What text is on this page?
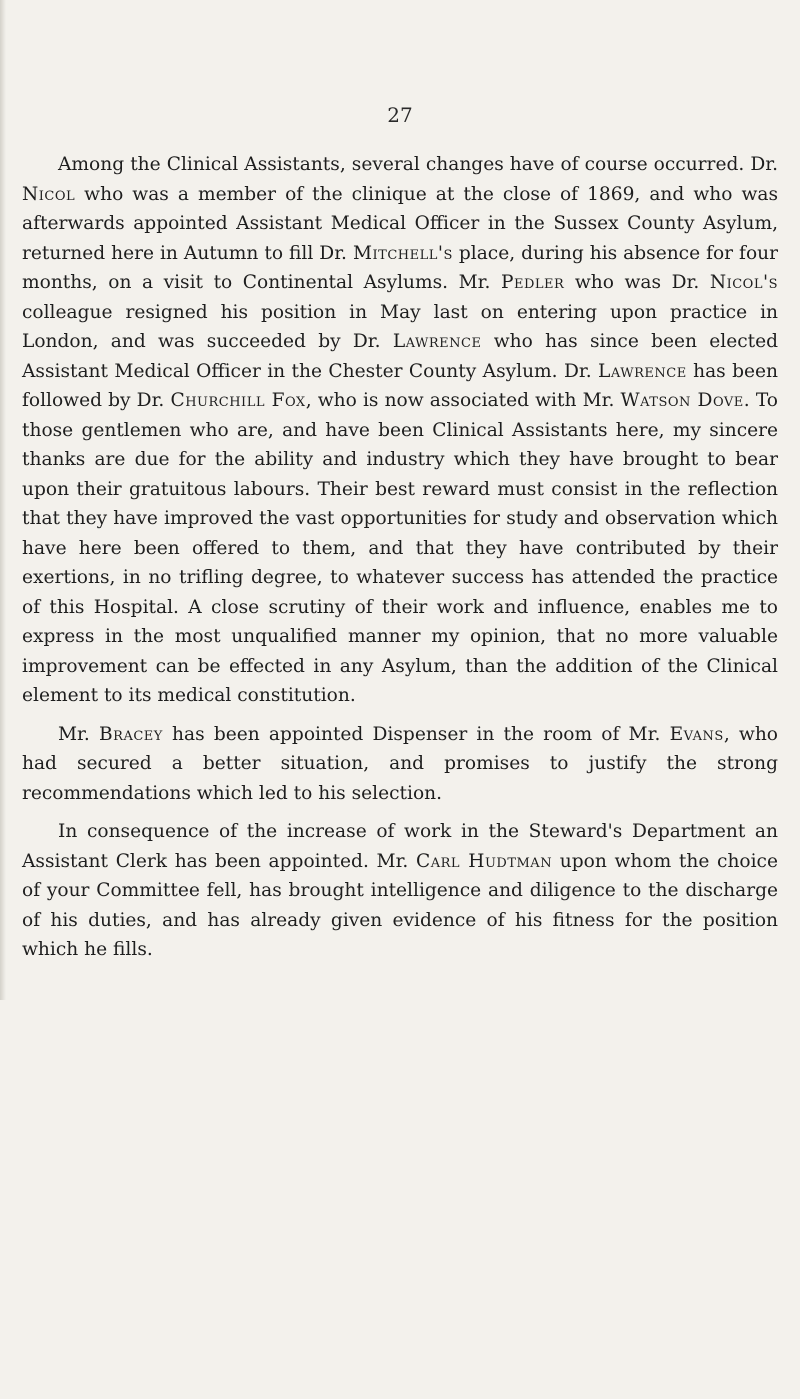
27

Among the Clinical Assistants, several changes have of course occurred. Dr. Nicol who was a member of the clinique at the close of 1869, and who was afterwards appointed Assistant Medical Officer in the Sussex County Asylum, returned here in Autumn to fill Dr. Mitchell's place, during his absence for four months, on a visit to Continental Asylums. Mr. Pedler who was Dr. Nicol's colleague resigned his position in May last on entering upon practice in London, and was succeeded by Dr. Lawrence who has since been elected Assistant Medical Officer in the Chester County Asylum. Dr. Lawrence has been followed by Dr. Churchill Fox, who is now associated with Mr. Watson Dove. To those gentlemen who are, and have been Clinical Assistants here, my sincere thanks are due for the ability and industry which they have brought to bear upon their gratuitous labours. Their best reward must consist in the reflection that they have improved the vast opportunities for study and observation which have here been offered to them, and that they have contributed by their exertions, in no trifling degree, to whatever success has attended the practice of this Hospital. A close scrutiny of their work and influence, enables me to express in the most unqualified manner my opinion, that no more valuable improvement can be effected in any Asylum, than the addition of the Clinical element to its medical constitution.

Mr. Bracey has been appointed Dispenser in the room of Mr. Evans, who had secured a better situation, and promises to justify the strong recommendations which led to his selection.

In consequence of the increase of work in the Steward's Department an Assistant Clerk has been appointed. Mr. Carl Hudtman upon whom the choice of your Committee fell, has brought intelligence and diligence to the discharge of his duties, and has already given evidence of his fitness for the position which he fills.
